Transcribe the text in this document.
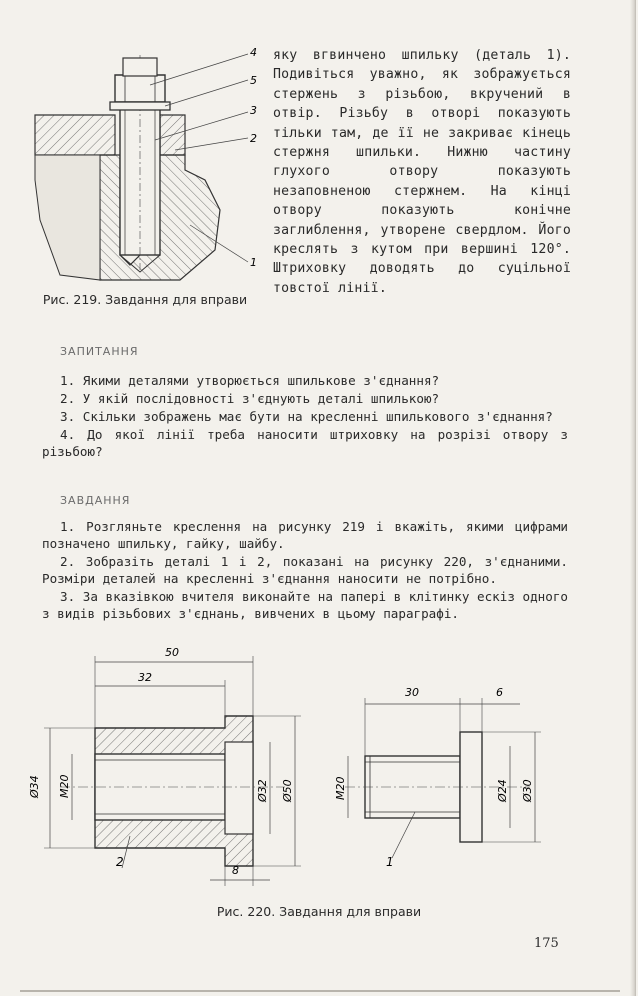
4
5
3
2
1
Рис. 219. Завдання для вправи

яку вгвинчено шпильку (деталь 1). Подивіться уважно, як зображується стержень з різьбою, вкручений в отвір. Різьбу в отворі показують тільки там, де її не закриває кінець стержня шпильки. Нижню частину глухого отвору показують незаповненою стержнем. На кінці отвору показують конічне заглиблення, утворене свердлом. Його креслять з кутом при вершині 120°. Штриховку доводять до суцільної товстої лінії.

ЗАПИТАННЯ

1. Якими деталями утворюється шпилькове з'єднання?

2. У якій послідовності з'єднують деталі шпилькою?

3. Скільки зображень має бути на кресленні шпилькового з'єднання?

4. До якої лінії треба наносити штриховку на розрізі отвору з різьбою?

ЗАВДАННЯ

1. Розгляньте креслення на рисунку 219 і вкажіть, якими цифрами позначено шпильку, гайку, шайбу.

2. Зобразіть деталі 1 і 2, показані на рисунку 220, з'єднаними. Розміри деталей на кресленні з'єднання наносити не потрібно.

3. За вказівкою вчителя виконайте на папері в клітинку ескіз одного з видів різьбових з'єднань, вивчених в цьому параграфі.

50
32
Ø34 M20	Ø32 Ø50
8
2
30	6
M20	Ø24 Ø30
1
Рис. 220. Завдання для вправи
175
